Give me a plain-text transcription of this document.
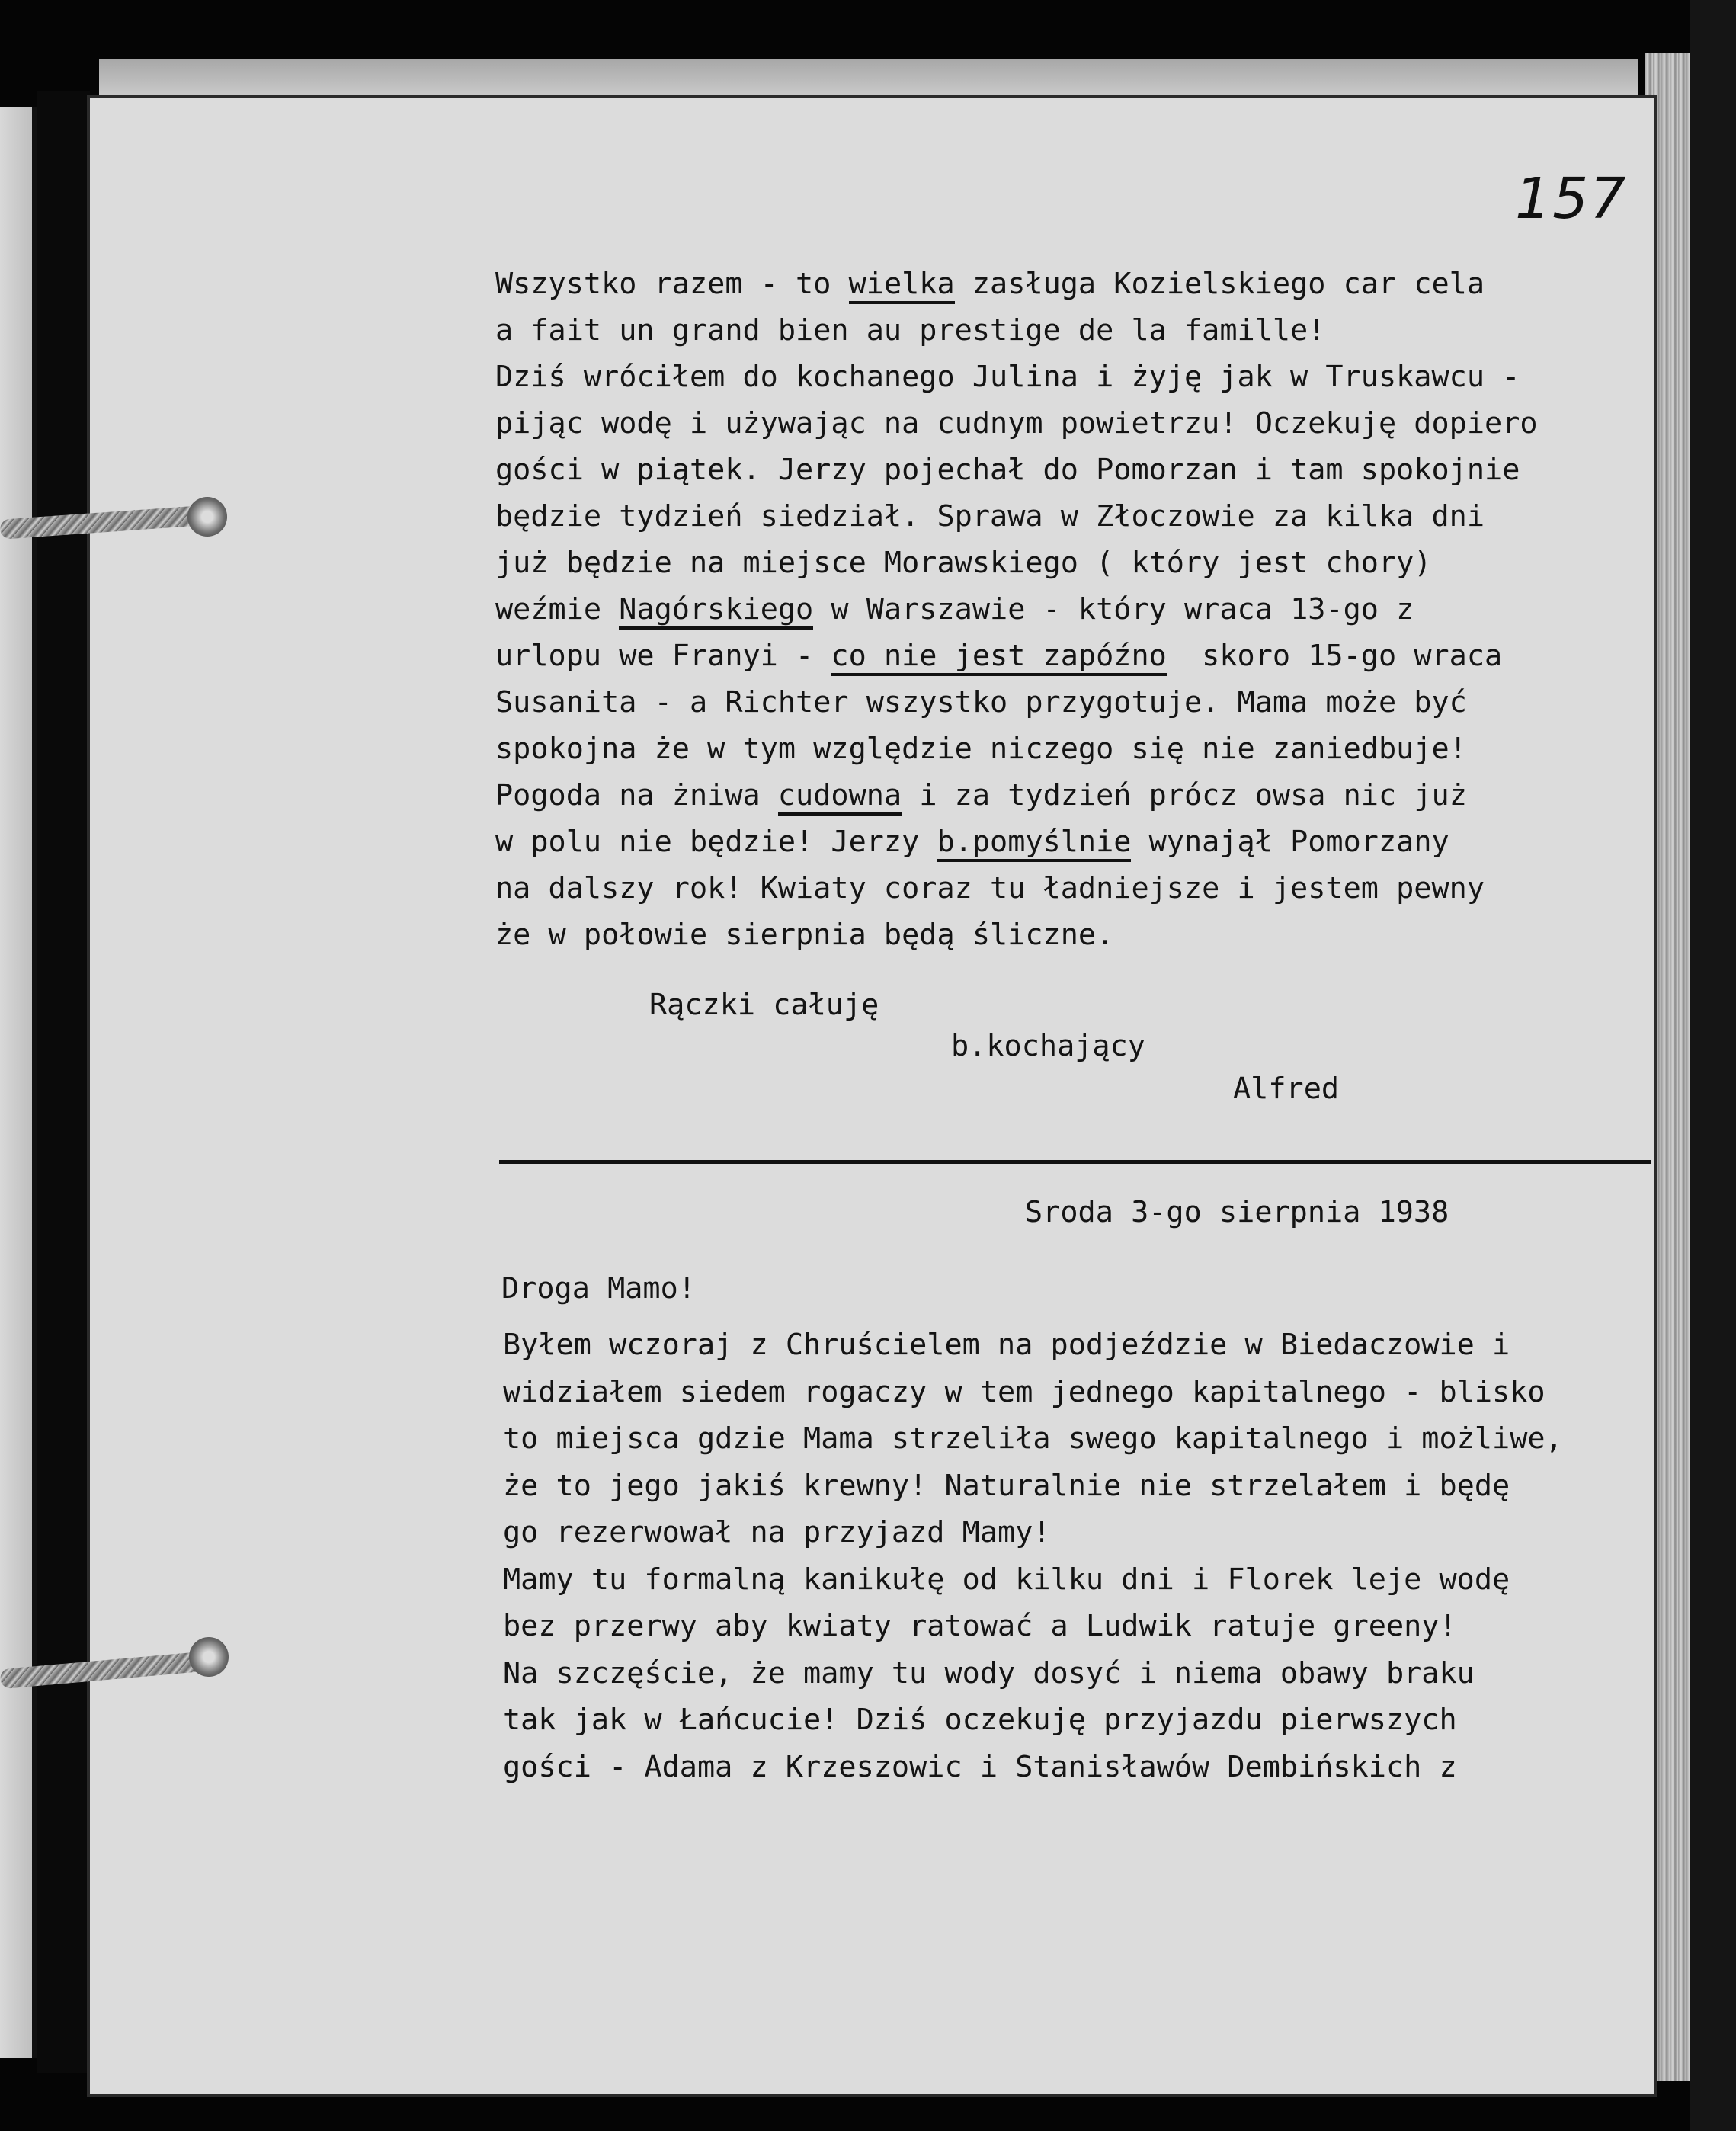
157
Wszystko razem - to wielka zasługa Kozielskiego car cela
a fait un grand bien au prestige de la famille!
Dziś wróciłem do kochanego Julina i żyję jak w Truskawcu -
pijąc wodę i używając na cudnym powietrzu! Oczekuję dopiero
gości w piątek. Jerzy pojechał do Pomorzan i tam spokojnie
będzie tydzień siedział. Sprawa w Złoczowie za kilka dni
już będzie na miejsce Morawskiego ( który jest chory)
weźmie Nagórskiego w Warszawie - który wraca 13-go z
urlopu we Franyi - co nie jest zapóźno  skoro 15-go wraca
Susanita - a Richter wszystko przygotuje. Mama może być
spokojna że w tym względzie niczego się nie zaniedbuje!
Pogoda na żniwa cudowna i za tydzień prócz owsa nic już
w polu nie będzie! Jerzy b.pomyślnie wynajął Pomorzany
na dalszy rok! Kwiaty coraz tu ładniejsze i jestem pewny
że w połowie sierpnia będą śliczne.
Rączki całuję
b.kochający
Alfred
Sroda 3-go sierpnia 1938
Droga Mamo!
Byłem wczoraj z Chruścielem na podjeździe w Biedaczowie i
widziałem siedem rogaczy w tem jednego kapitalnego - blisko
to miejsca gdzie Mama strzeliła swego kapitalnego i możliwe,
że to jego jakiś krewny! Naturalnie nie strzelałem i będę
go rezerwował na przyjazd Mamy!
Mamy tu formalną kanikułę od kilku dni i Florek leje wodę
bez przerwy aby kwiaty ratować a Ludwik ratuje greeny!
Na szczęście, że mamy tu wody dosyć i niema obawy braku
tak jak w Łańcucie! Dziś oczekuję przyjazdu pierwszych
gości - Adama z Krzeszowic i Stanisławów Dembińskich z
